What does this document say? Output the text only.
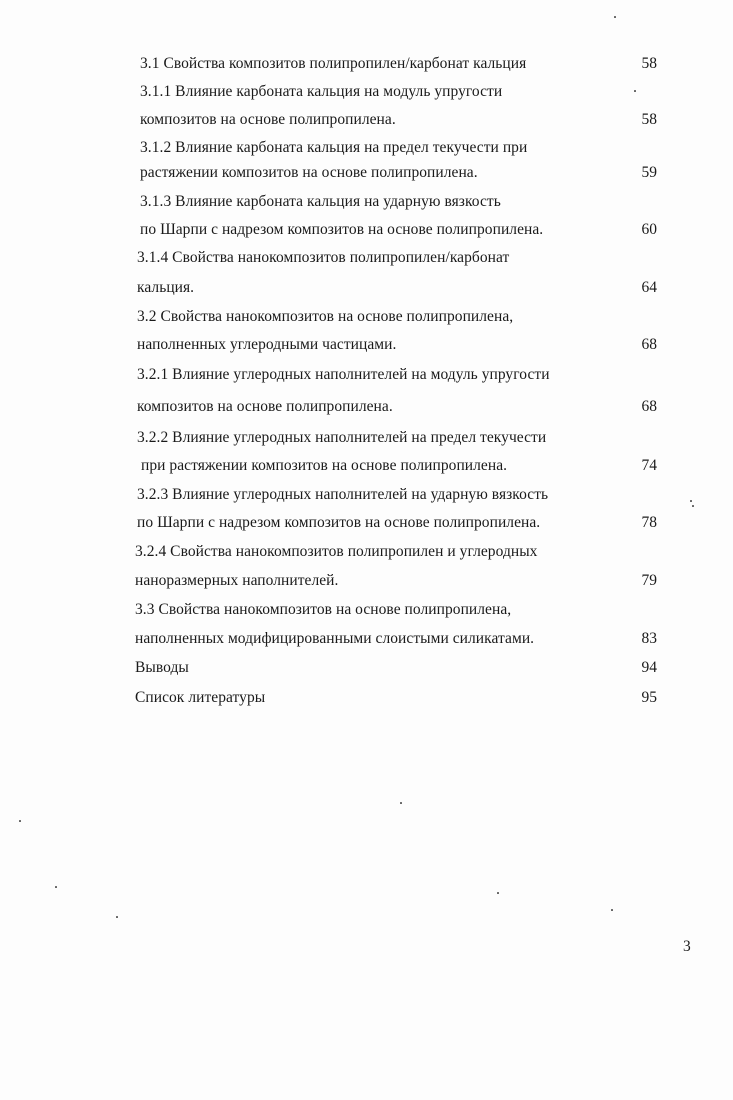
3.1 Свойства композитов полипропилен/карбонат кальция	58
3.1.1 Влияние карбоната кальция на модуль упругости
композитов на основе полипропилена.	58
3.1.2 Влияние карбоната кальция на предел текучести при
растяжении композитов на основе полипропилена.	59
3.1.3 Влияние карбоната кальция на ударную вязкость
по Шарпи с надрезом композитов на основе полипропилена.	60
3.1.4 Свойства нанокомпозитов полипропилен/карбонат
кальция.	64
3.2 Свойства нанокомпозитов на основе полипропилена,
наполненных углеродными частицами.	68
3.2.1 Влияние углеродных наполнителей на модуль упругости
композитов на основе полипропилена.	68
3.2.2 Влияние углеродных наполнителей на предел текучести
при растяжении композитов на основе полипропилена.	74
3.2.3 Влияние углеродных наполнителей на ударную вязкость
по Шарпи с надрезом композитов на основе полипропилена.	78
3.2.4 Свойства нанокомпозитов полипропилен и углеродных
наноразмерных наполнителей.	79
3.3 Свойства нанокомпозитов на основе полипропилена,
наполненных модифицированными слоистыми силикатами.	83
Выводы	94
Список литературы	95
3
